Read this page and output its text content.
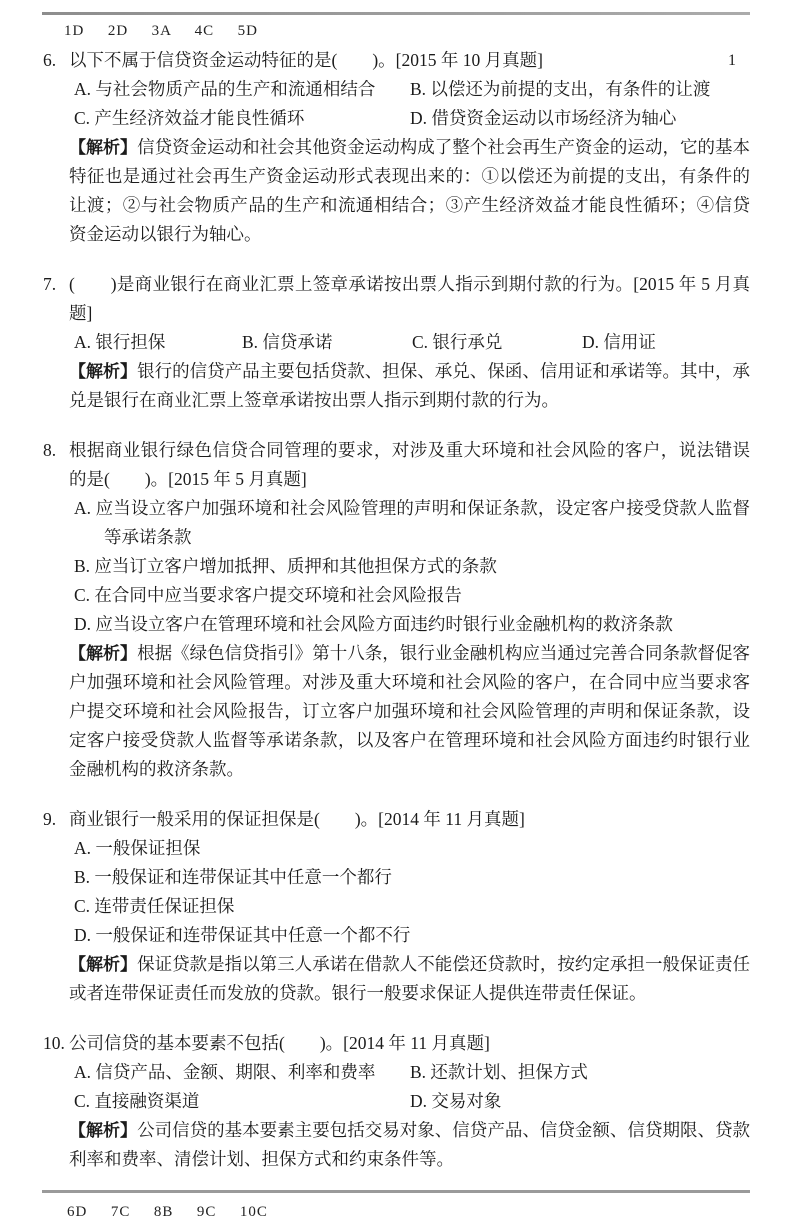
1D  2D  3A  4C  5D
1
6. 以下不属于信贷资金运动特征的是(　　)。[2015 年 10 月真题]
A. 与社会物质产品的生产和流通相结合	B. 以偿还为前提的支出，有条件的让渡
C. 产生经济效益才能良性循环	D. 借贷资金运动以市场经济为轴心

【解析】信贷资金运动和社会其他资金运动构成了整个社会再生产资金的运动，它的基本特征也是通过社会再生产资金运动形式表现出来的：①以偿还为前提的支出，有条件的让渡；②与社会物质产品的生产和流通相结合；③产生经济效益才能良性循环；④信贷资金运动以银行为轴心。

7. (　　)是商业银行在商业汇票上签章承诺按出票人指示到期付款的行为。[2015 年 5 月真题]
A. 银行担保	B. 信贷承诺	C. 银行承兑	D. 信用证

【解析】银行的信贷产品主要包括贷款、担保、承兑、保函、信用证和承诺等。其中，承兑是银行在商业汇票上签章承诺按出票人指示到期付款的行为。

8. 根据商业银行绿色信贷合同管理的要求，对涉及重大环境和社会风险的客户，说法错误的是(　　)。[2015 年 5 月真题]
A. 应当设立客户加强环境和社会风险管理的声明和保证条款，设定客户接受贷款人监督等承诺条款
B. 应当订立客户增加抵押、质押和其他担保方式的条款
C. 在合同中应当要求客户提交环境和社会风险报告
D. 应当设立客户在管理环境和社会风险方面违约时银行业金融机构的救济条款

【解析】根据《绿色信贷指引》第十八条，银行业金融机构应当通过完善合同条款督促客户加强环境和社会风险管理。对涉及重大环境和社会风险的客户，在合同中应当要求客户提交环境和社会风险报告，订立客户加强环境和社会风险管理的声明和保证条款，设定客户接受贷款人监督等承诺条款，以及客户在管理环境和社会风险方面违约时银行业金融机构的救济条款。

9. 商业银行一般采用的保证担保是(　　)。[2014 年 11 月真题]
A. 一般保证担保
B. 一般保证和连带保证其中任意一个都行
C. 连带责任保证担保
D. 一般保证和连带保证其中任意一个都不行

【解析】保证贷款是指以第三人承诺在借款人不能偿还贷款时，按约定承担一般保证责任或者连带保证责任而发放的贷款。银行一般要求保证人提供连带责任保证。

10. 公司信贷的基本要素不包括(　　)。[2014 年 11 月真题]
A. 信贷产品、金额、期限、利率和费率	B. 还款计划、担保方式
C. 直接融资渠道	D. 交易对象

【解析】公司信贷的基本要素主要包括交易对象、信贷产品、信贷金额、信贷期限、贷款利率和费率、清偿计划、担保方式和约束条件等。

6D  7C  8B  9C  10C
